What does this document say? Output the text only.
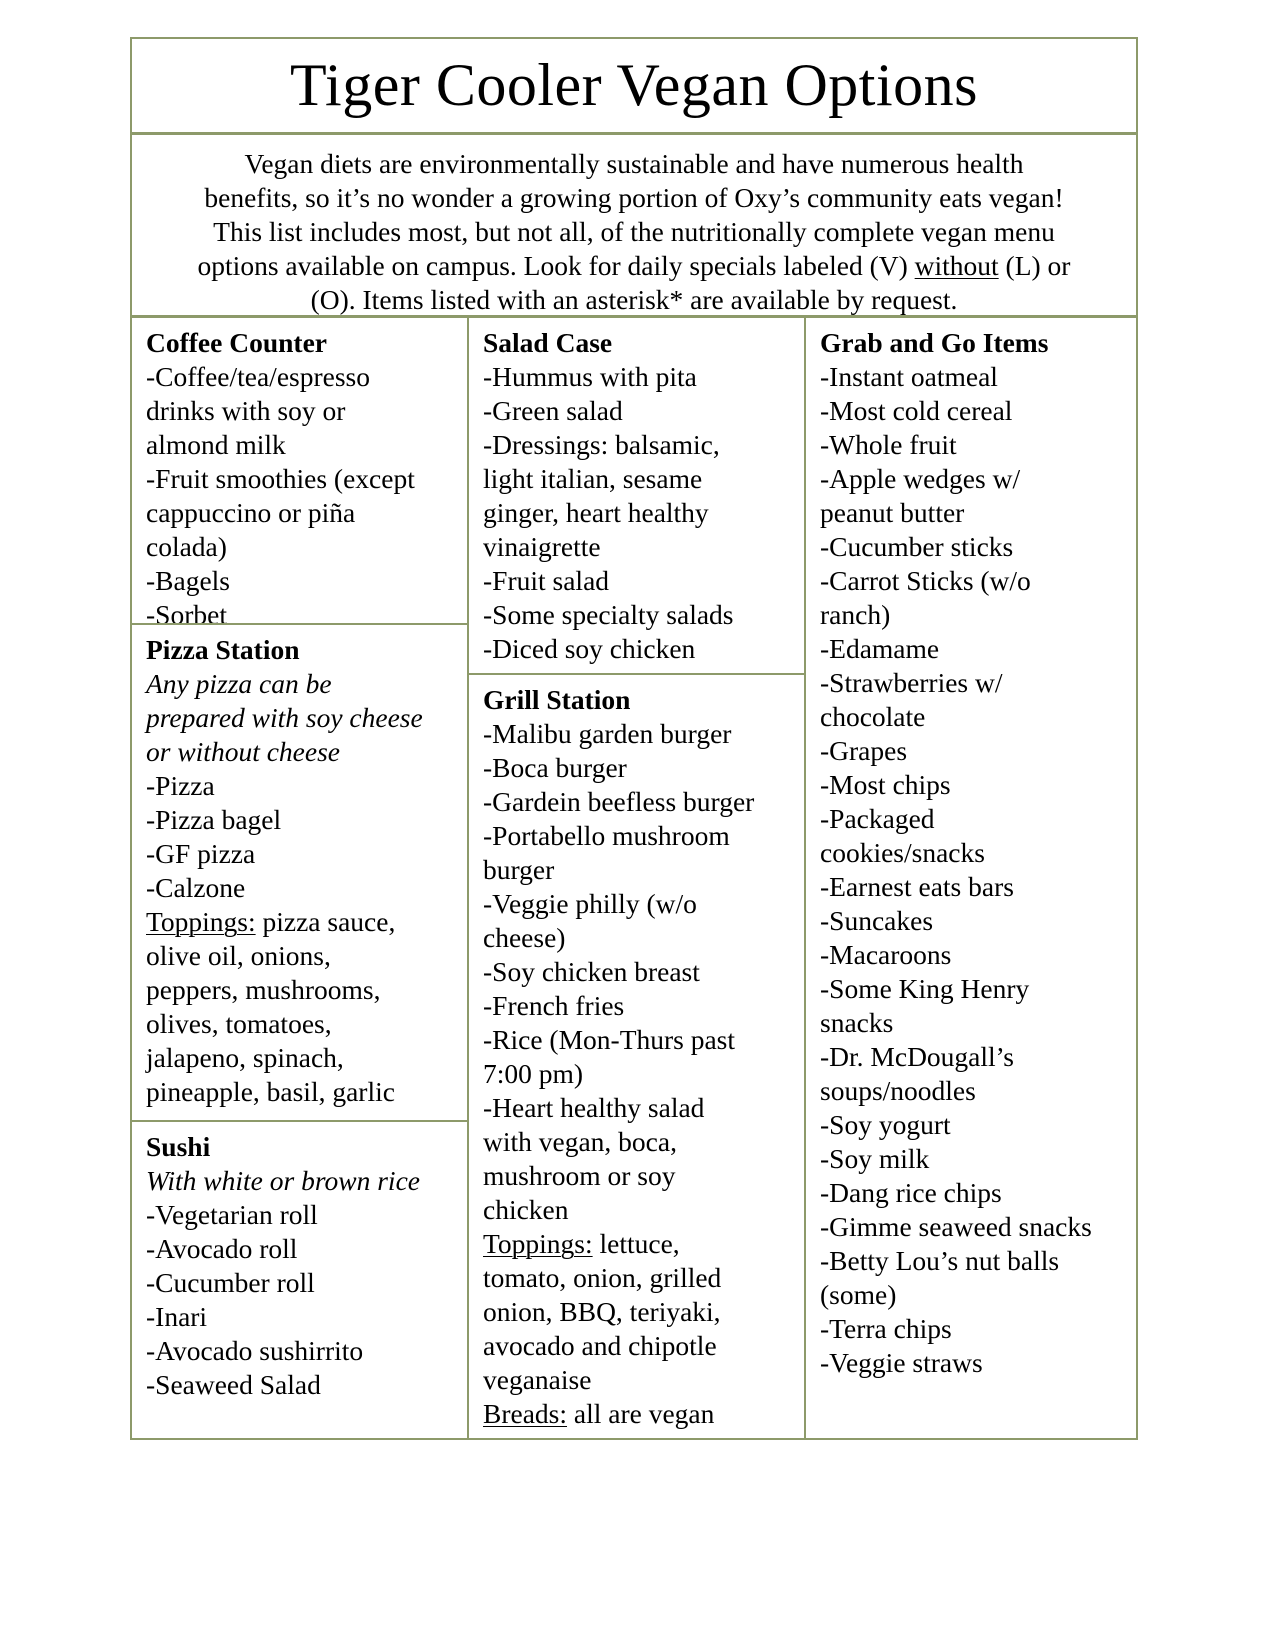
Tiger Cooler Vegan Options
Vegan diets are environmentally sustainable and have numerous health
benefits, so it’s no wonder a growing portion of Oxy’s community eats vegan!
This list includes most, but not all, of the nutritionally complete vegan menu
options available on campus. Look for daily specials labeled (V) without (L) or
(O). Items listed with an asterisk* are available by request.
Coffee Counter
-Coffee/tea/espresso
drinks with soy or
almond milk
-Fruit smoothies (except
cappuccino or piña
colada)
-Bagels
-Sorbet
Pizza Station
Any pizza can be
prepared with soy cheese
or without cheese
-Pizza
-Pizza bagel
-GF pizza
-Calzone
Toppings: pizza sauce,
olive oil, onions,
peppers, mushrooms,
olives, tomatoes,
jalapeno, spinach,
pineapple, basil, garlic
Sushi
With white or brown rice
-Vegetarian roll
-Avocado roll
-Cucumber roll
-Inari
-Avocado sushirrito
-Seaweed Salad
Salad Case
-Hummus with pita
-Green salad
-Dressings: balsamic,
light italian, sesame
ginger, heart healthy
vinaigrette
-Fruit salad
-Some specialty salads
-Diced soy chicken
Grill Station
-Malibu garden burger
-Boca burger
-Gardein beefless burger
-Portabello mushroom
burger
-Veggie philly (w/o
cheese)
-Soy chicken breast
-French fries
-Rice (Mon-Thurs past
7:00 pm)
-Heart healthy salad
with vegan, boca,
mushroom or soy
chicken
Toppings: lettuce,
tomato, onion, grilled
onion, BBQ, teriyaki,
avocado and chipotle
veganaise
Breads: all are vegan
Grab and Go Items
-Instant oatmeal
-Most cold cereal
-Whole fruit
-Apple wedges w/
peanut butter
-Cucumber sticks
-Carrot Sticks (w/o
ranch)
-Edamame
-Strawberries w/
chocolate
-Grapes
-Most chips
-Packaged
cookies/snacks
-Earnest eats bars
-Suncakes
-Macaroons
-Some King Henry
snacks
-Dr. McDougall’s
soups/noodles
-Soy yogurt
-Soy milk
-Dang rice chips
-Gimme seaweed snacks
-Betty Lou’s nut balls
(some)
-Terra chips
-Veggie straws
